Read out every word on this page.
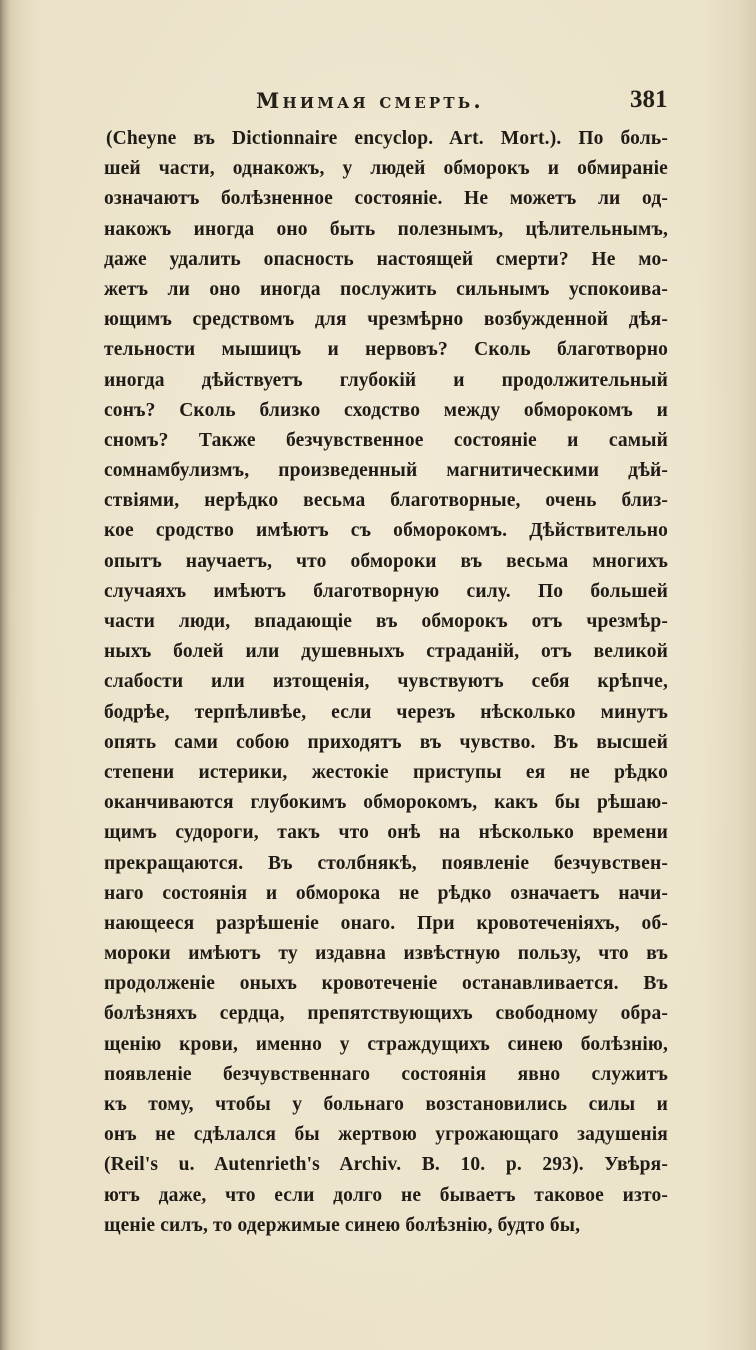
Мнимая смерть.	381
(Cheyne въ Dictionnaire encyclop. Art. Mort.). По боль-
шей части, однакожъ, у людей обморокъ и обмираніе
означаютъ болѣзненное состояніе. Не можетъ ли од-
накожъ иногда оно быть полезнымъ, цѣлительнымъ,
даже удалить опасность настоящей смерти? Не мо-
жетъ ли оно иногда послужить сильнымъ успокоива-
ющимъ средствомъ для чрезмѣрно возбужденной дѣя-
тельности мышицъ и нервовъ? Сколь благотворно
иногда дѣйствуетъ глубокій и продолжительный
сонъ? Сколь близко сходство между обморокомъ и
сномъ? Также безчувственное состояніе и самый
сомнамбулизмъ, произведенный магнитическими дѣй-
ствіями, нерѣдко весьма благотворные, очень близ-
кое сродство имѣютъ съ обморокомъ. Дѣйствительно
опытъ научаетъ, что обмороки въ весьма многихъ
случаяхъ имѣютъ благотворную силу. По большей
части люди, впадающіе въ обморокъ отъ чрезмѣр-
ныхъ болей или душевныхъ страданій, отъ великой
слабости или изтощенія, чувствуютъ себя крѣпче,
бодрѣе, терпѣливѣе, если черезъ нѣсколько минутъ
опять сами собою приходятъ въ чувство. Въ высшей
степени истерики, жестокіе приступы ея не рѣдко
оканчиваются глубокимъ обморокомъ, какъ бы рѣшаю-
щимъ судороги, такъ что онѣ на нѣсколько времени
прекращаются. Въ столбнякѣ, появленіе безчувствен-
наго состоянія и обморока не рѣдко означаетъ начи-
нающееся разрѣшеніе онаго. При кровотеченіяхъ, об-
мороки имѣютъ ту издавна извѣстную пользу, что въ
продолженіе оныхъ кровотеченіе останавливается. Въ
болѣзняхъ сердца, препятствующихъ свободному обра-
щенію крови, именно у страждущихъ синею болѣзнію,
появленіе безчувственнаго состоянія явно служитъ
къ тому, чтобы у больнаго возстановились силы и
онъ не сдѣлался бы жертвою угрожающаго задушенія
(Reil's u. Autenrieth's Archiv. B. 10. p. 293). Увѣря-
ютъ даже, что если долго не бываетъ таковое изто-
щеніе силъ, то одержимые синею болѣзнію, будто бы,
